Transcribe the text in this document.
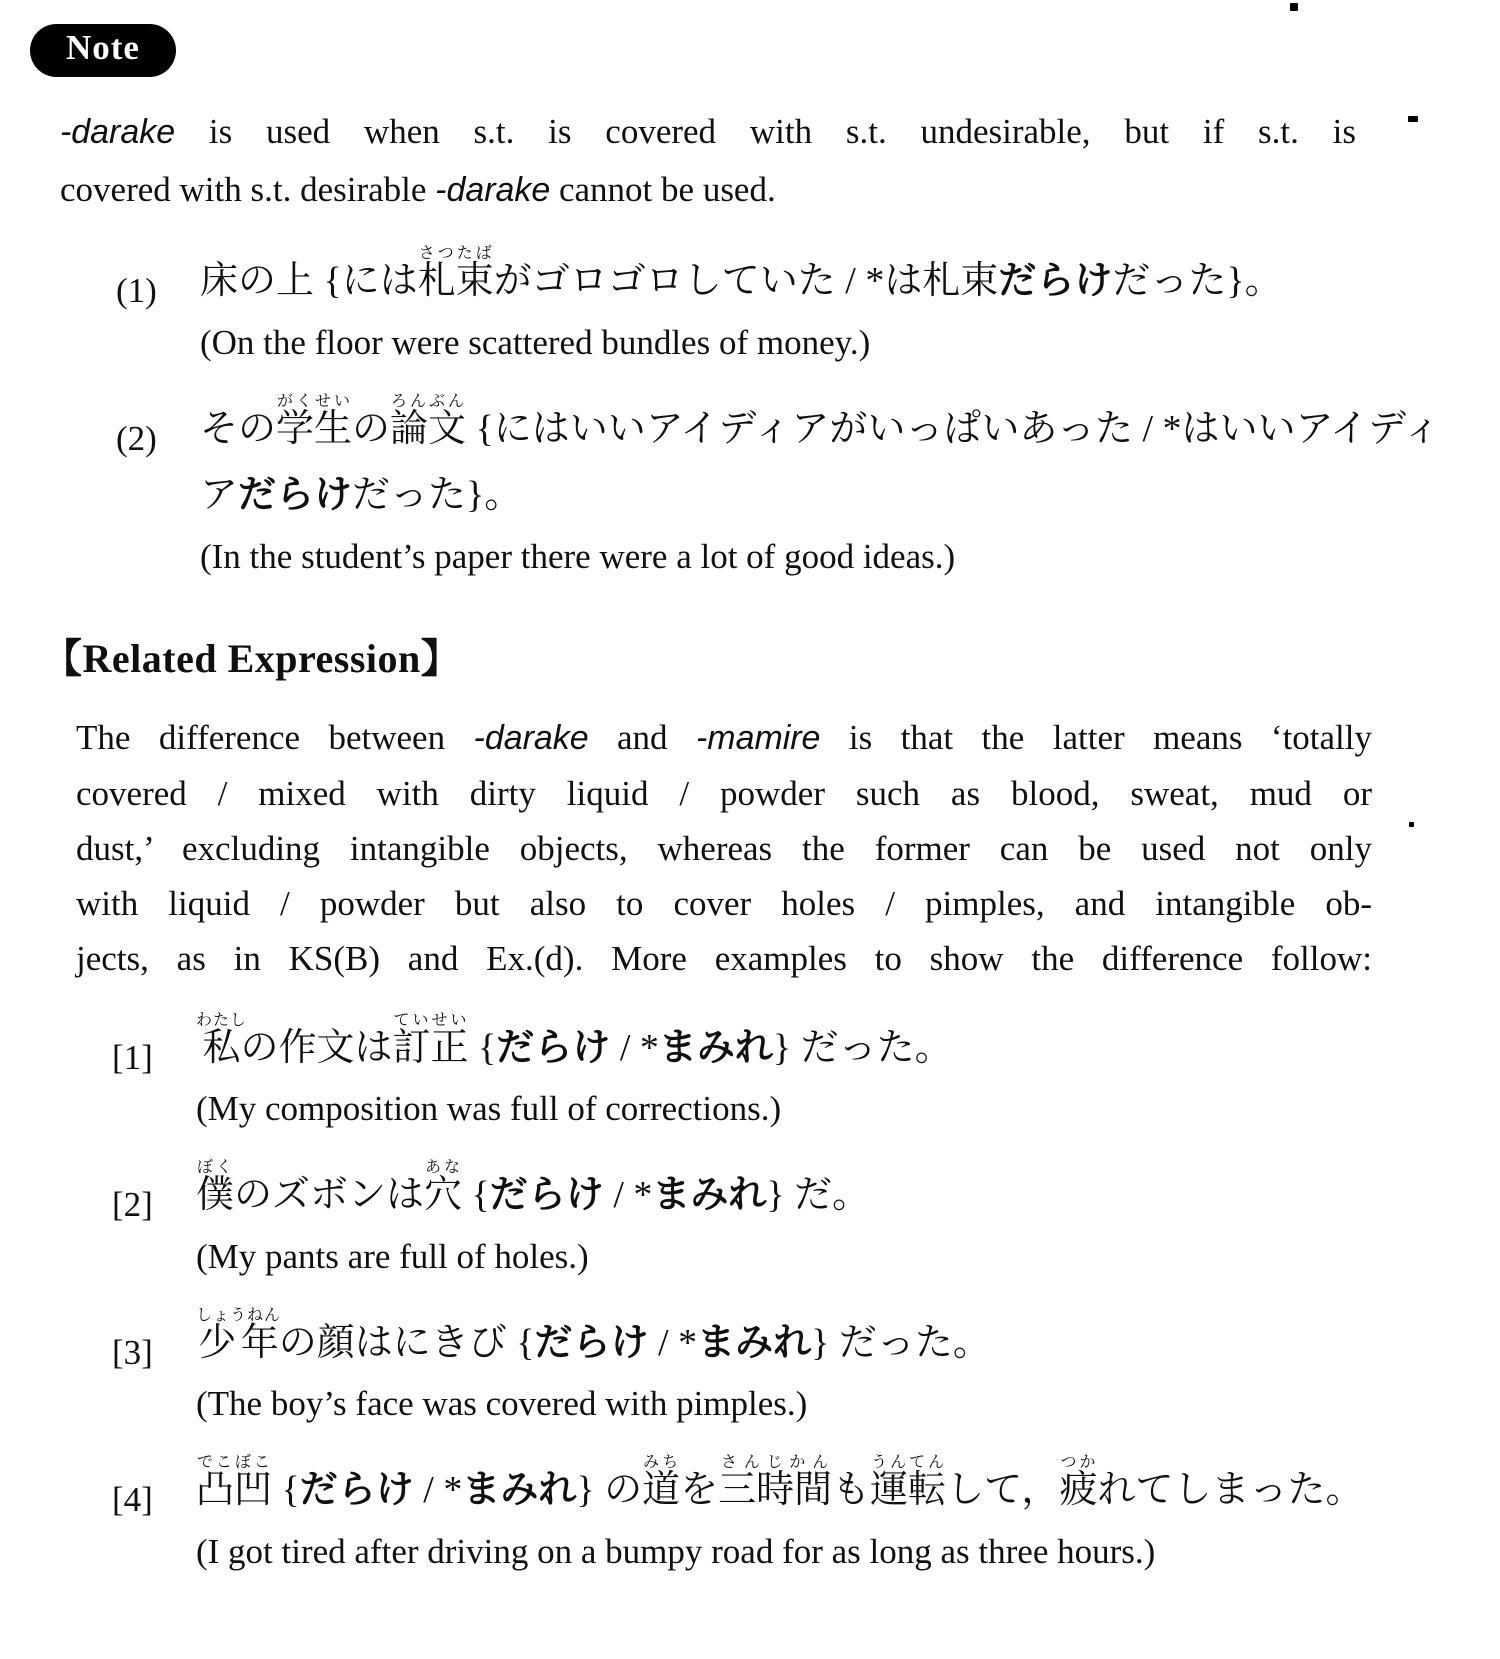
Note
-darake is used when s.t. is covered with s.t. undesirable, but if s.t. is
covered with s.t. desirable -darake cannot be used.
(1)	床の上 {には札束さつたばがゴロゴロしていた / *は札束だらけだった}。
(On the floor were scattered bundles of money.)
(2)	その学生がくせいの論文ろんぶん {にはいいアイディアがいっぱいあった / *はいいアイディアだらけだった}。
(In the student’s paper there were a lot of good ideas.)
【Related Expression】
The difference between -darake and -mamire is that the latter means ‘totally
covered / mixed with dirty liquid / powder such as blood, sweat, mud or
dust,’ excluding intangible objects, whereas the former can be used not only
with liquid / powder but also to cover holes / pimples, and intangible ob-
jects, as in KS(B) and Ex.(d). More examples to show the difference follow:
[1]	私わたしの作文は訂正ていせい {だらけ / *まみれ} だった。
(My composition was full of corrections.)
[2]	僕ぼくのズボンは穴あな {だらけ / *まみれ} だ。
(My pants are full of holes.)
[3]	少年しょうねんの顔はにきび {だらけ / *まみれ} だった。
(The boy’s face was covered with pimples.)
[4]	凸凹でこぼこ {だらけ / *まみれ} の道みちを三時間さんじかんも運転うんてんして，疲つかれてしまった。
(I got tired after driving on a bumpy road for as long as three hours.)
